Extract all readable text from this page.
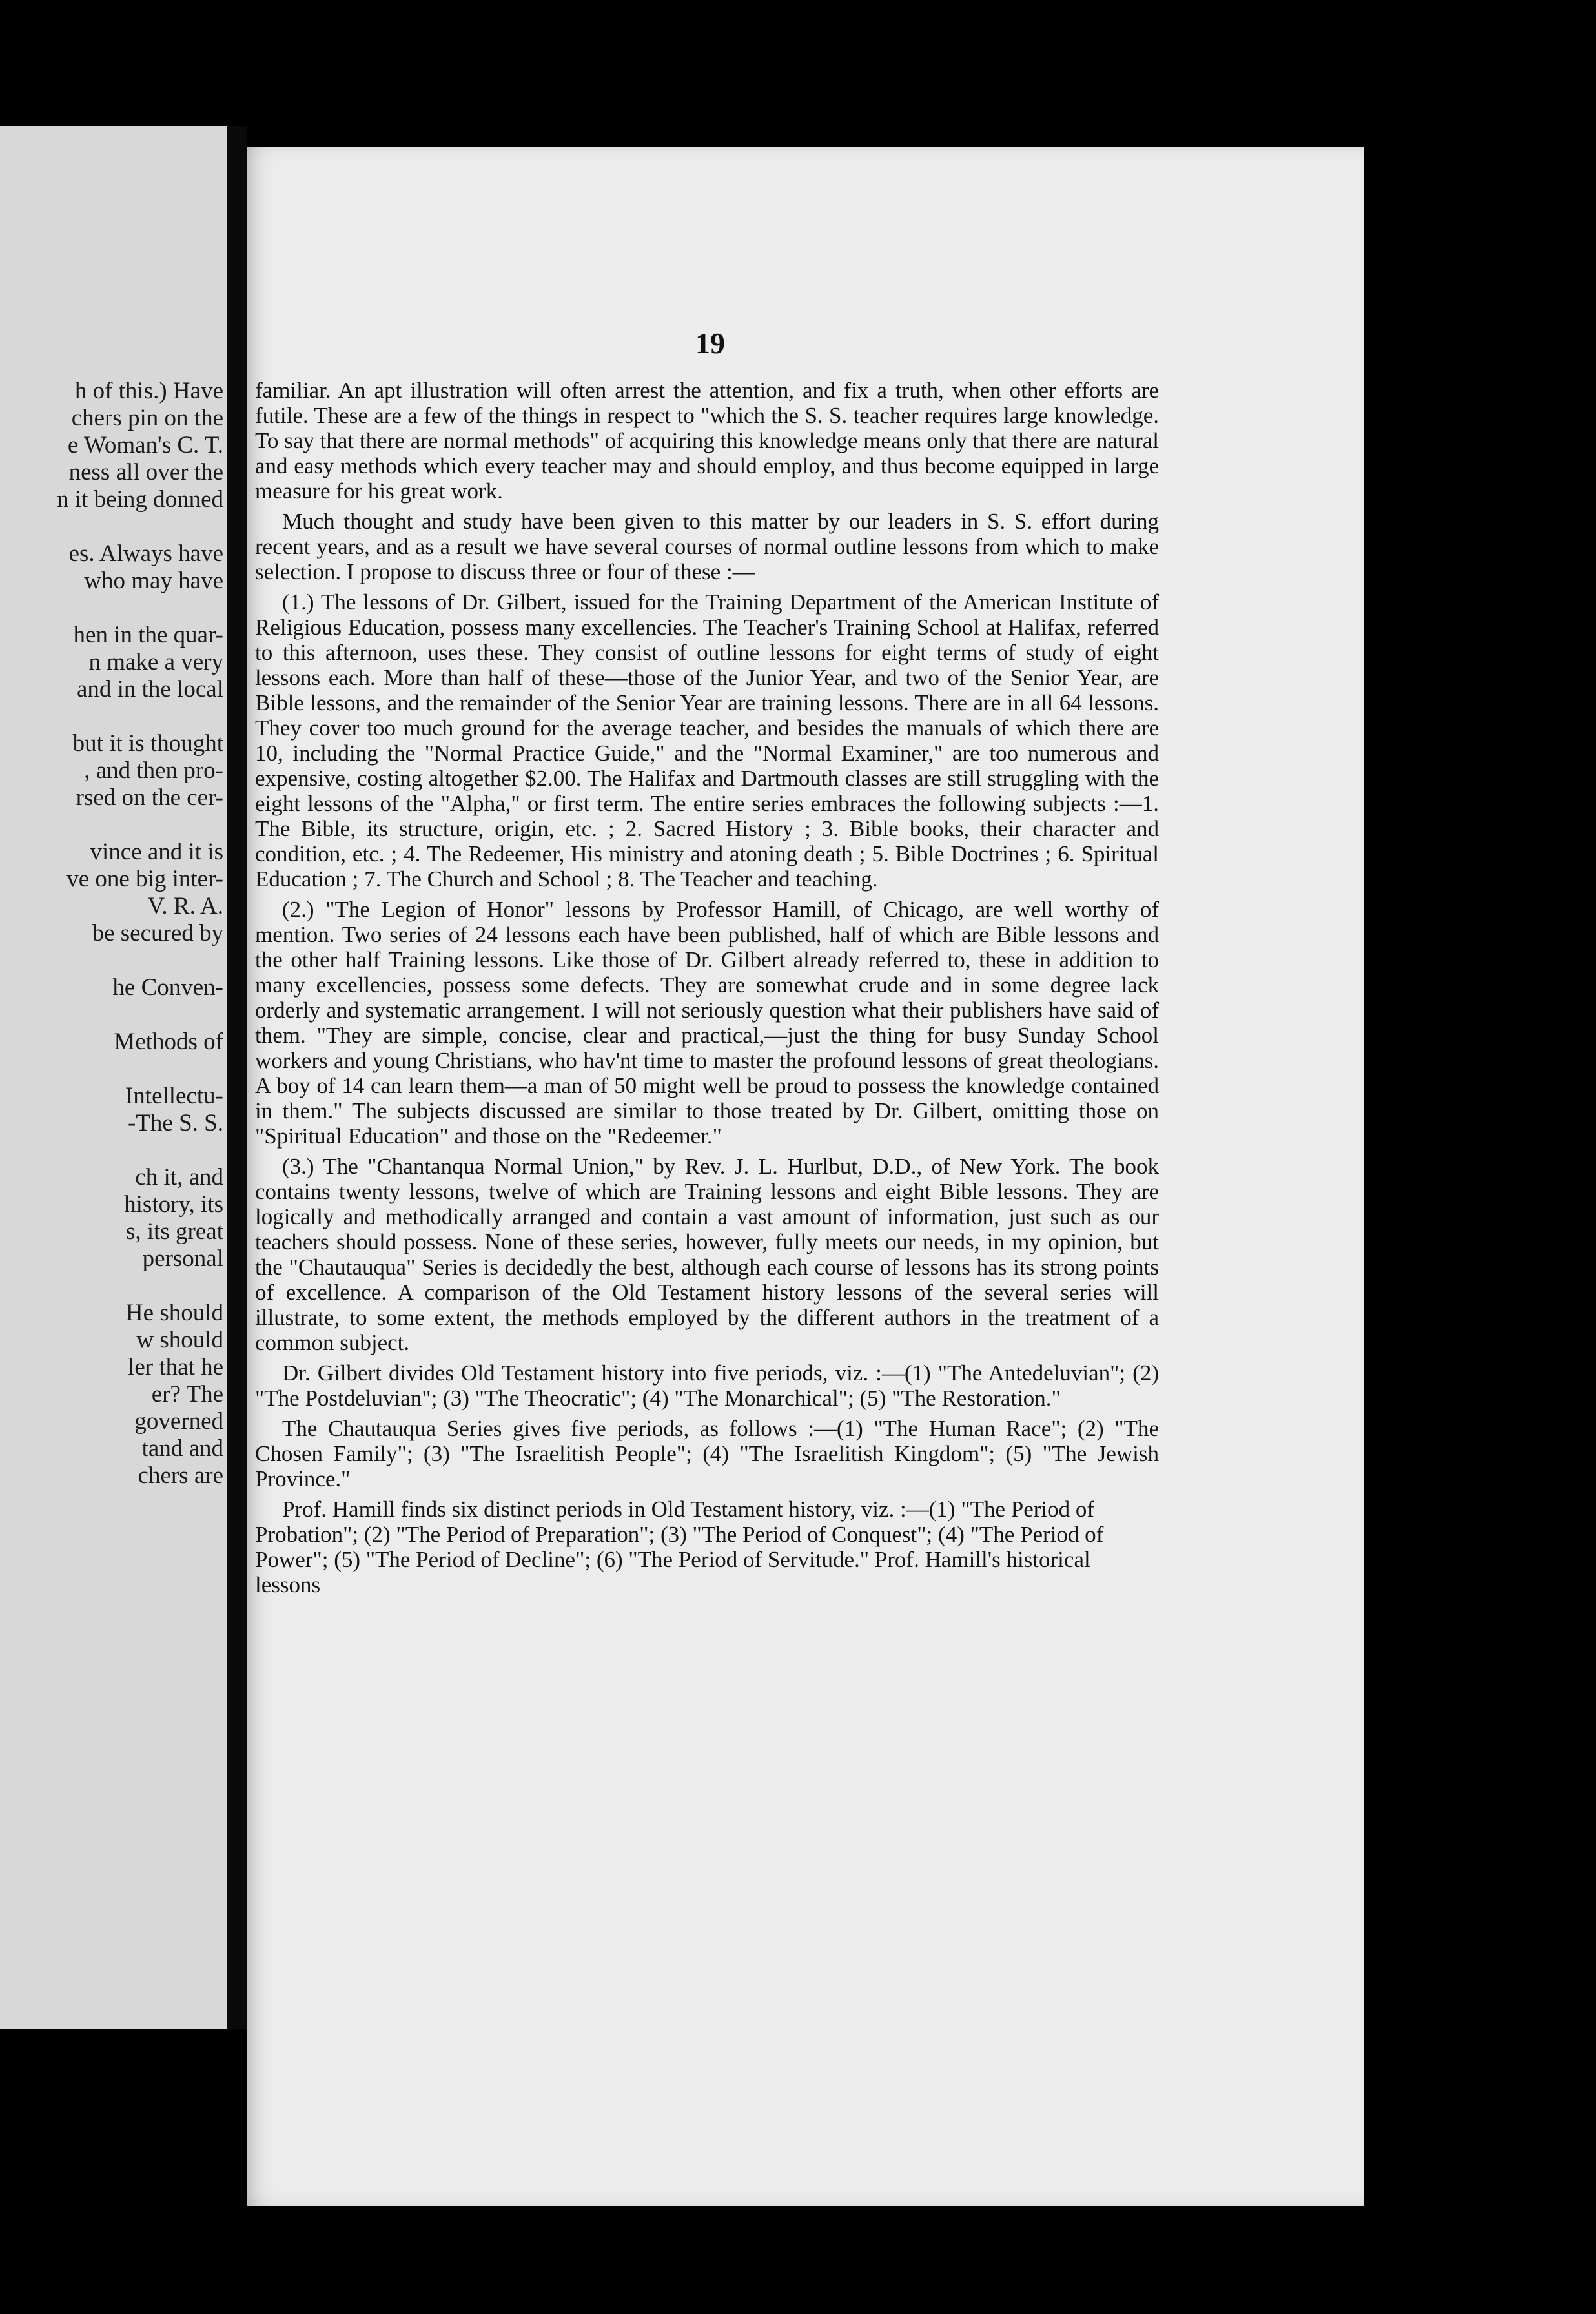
h of this.) Have
chers pin on the
e Woman's C. T.
ness all over the
n it being donned
es. Always have
who may have
hen in the quar-
n make a very
and in the local
but it is thought
, and then pro-
rsed on the cer-
vince and it is
ve one big inter-
V. R. A.
be secured by
he Conven-
Methods of
Intellectu-
-The S. S.
ch it, and
history, its
s, its great
personal
He should
w should
ler that he
er? The
governed
tand and
chers are
19

familiar. An apt illustration will often arrest the attention, and fix a truth, when other efforts are futile. These are a few of the things in respect to "which the S. S. teacher requires large knowledge. To say that there are normal methods" of acquiring this knowledge means only that there are natural and easy methods which every teacher may and should employ, and thus become equipped in large measure for his great work.

Much thought and study have been given to this matter by our leaders in S. S. effort during recent years, and as a result we have several courses of normal outline lessons from which to make selection. I propose to discuss three or four of these :—

(1.) The lessons of Dr. Gilbert, issued for the Training Department of the American Institute of Religious Education, possess many excellencies. The Teacher's Training School at Halifax, referred to this afternoon, uses these. They consist of outline lessons for eight terms of study of eight lessons each. More than half of these—those of the Junior Year, and two of the Senior Year, are Bible lessons, and the remainder of the Senior Year are training lessons. There are in all 64 lessons. They cover too much ground for the average teacher, and besides the manuals of which there are 10, including the "Normal Practice Guide," and the "Normal Examiner," are too numerous and expensive, costing altogether $2.00. The Halifax and Dartmouth classes are still struggling with the eight lessons of the "Alpha," or first term. The entire series embraces the following subjects :—1. The Bible, its structure, origin, etc. ; 2. Sacred History ; 3. Bible books, their character and condition, etc. ; 4. The Redeemer, His ministry and atoning death ; 5. Bible Doctrines ; 6. Spiritual Education ; 7. The Church and School ; 8. The Teacher and teaching.

(2.) "The Legion of Honor" lessons by Professor Hamill, of Chicago, are well worthy of mention. Two series of 24 lessons each have been published, half of which are Bible lessons and the other half Training lessons. Like those of Dr. Gilbert already referred to, these in addition to many excellencies, possess some defects. They are somewhat crude and in some degree lack orderly and systematic arrangement. I will not seriously question what their publishers have said of them. "They are simple, concise, clear and practical,—just the thing for busy Sunday School workers and young Christians, who hav'nt time to master the profound lessons of great theologians. A boy of 14 can learn them—a man of 50 might well be proud to possess the knowledge contained in them." The subjects discussed are similar to those treated by Dr. Gilbert, omitting those on "Spiritual Education" and those on the "Redeemer."

(3.) The "Chantanqua Normal Union," by Rev. J. L. Hurlbut, D.D., of New York. The book contains twenty lessons, twelve of which are Training lessons and eight Bible lessons. They are logically and methodically arranged and contain a vast amount of information, just such as our teachers should possess. None of these series, however, fully meets our needs, in my opinion, but the "Chautauqua" Series is decidedly the best, although each course of lessons has its strong points of excellence. A comparison of the Old Testament history lessons of the several series will illustrate, to some extent, the methods employed by the different authors in the treatment of a common subject.

Dr. Gilbert divides Old Testament history into five periods, viz. :—(1) "The Antedeluvian"; (2) "The Postdeluvian"; (3) "The Theocratic"; (4) "The Monarchical"; (5) "The Restoration."

The Chautauqua Series gives five periods, as follows :—(1) "The Human Race"; (2) "The Chosen Family"; (3) "The Israelitish People"; (4) "The Israelitish Kingdom"; (5) "The Jewish Province."

Prof. Hamill finds six distinct periods in Old Testament history, viz. :—(1) "The Period of Probation"; (2) "The Period of Preparation"; (3) "The Period of Conquest"; (4) "The Period of Power"; (5) "The Period of Decline"; (6) "The Period of Servitude." Prof. Hamill's historical lessons
